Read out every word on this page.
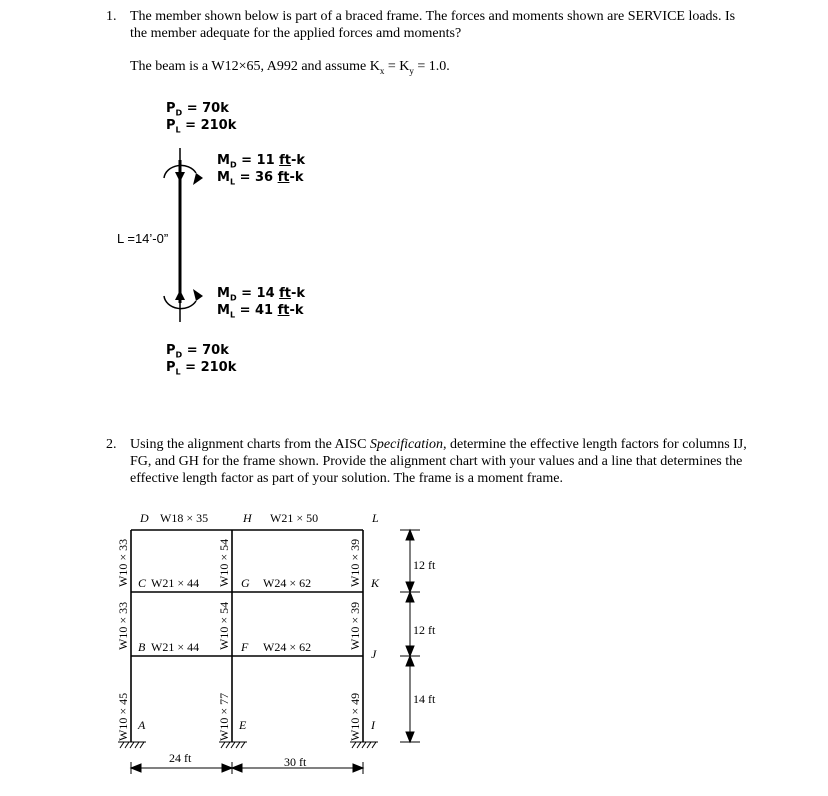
1. The member shown below is part of a braced frame. The forces and moments shown are SERVICE loads. Is

the member adequate for the applied forces amd moments?

The beam is a W12×65, A992 and assume $K_x = K_y = 1.0$.

$P_D = 70k$
$P_L = 210k$
$M_D = 11$ ft-k
$M_L = 36$ ft-k
L =14’-0”
$M_D = 14$ ft-k
$M_L = 41$ ft-k
$P_D = 70k$
$P_L = 210k$
2. Using the alignment charts from the AISC Specification, determine the effective length factors for columns IJ,

FG, and GH for the frame shown. Provide the alignment chart with your values and a line that determines the

effective length factor as part of your solution. The frame is a moment frame.

W10 × 45
W10 × 33
W10 × 33
W10 × 77
W10 × 54
W10 × 54
W10 × 49
W10 × 39
W10 × 39
W18 × 35	W21 × 50
W21 × 44	W24 × 62
W21 × 44	W24 × 62
D	H	L
C	G	K
B	F	J
A	E	I
12 ft
12 ft
14 ft
24 ft	30 ft
